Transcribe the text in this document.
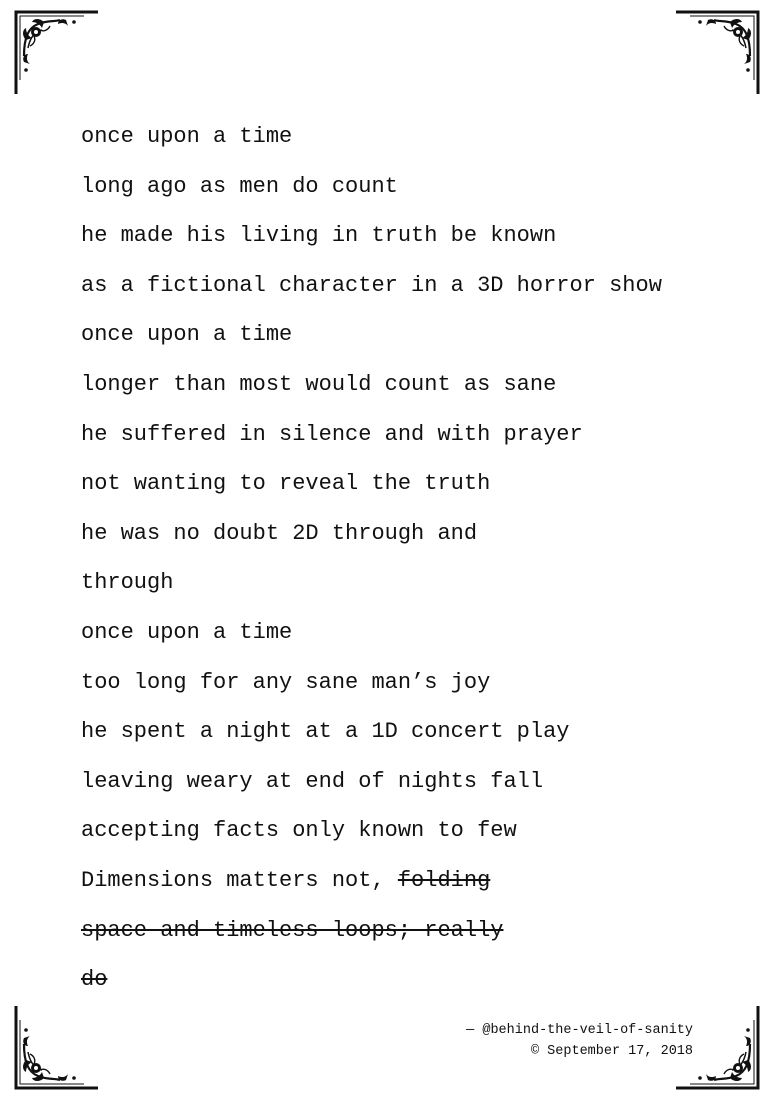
once upon a time
long ago as men do count
he made his living in truth be known
as a fictional character in a 3D horror show
once upon a time
longer than most would count as sane
he suffered in silence and with prayer
not wanting to reveal the truth
he was no doubt 2D through and
through
once upon a time
too long for any sane man’s joy
he spent a night at a 1D concert play
leaving weary at end of nights fall
accepting facts only known to few
Dimensions matters not, folding
space and timeless loops; really
do
— @behind-the-veil-of-sanity
© September 17, 2018
